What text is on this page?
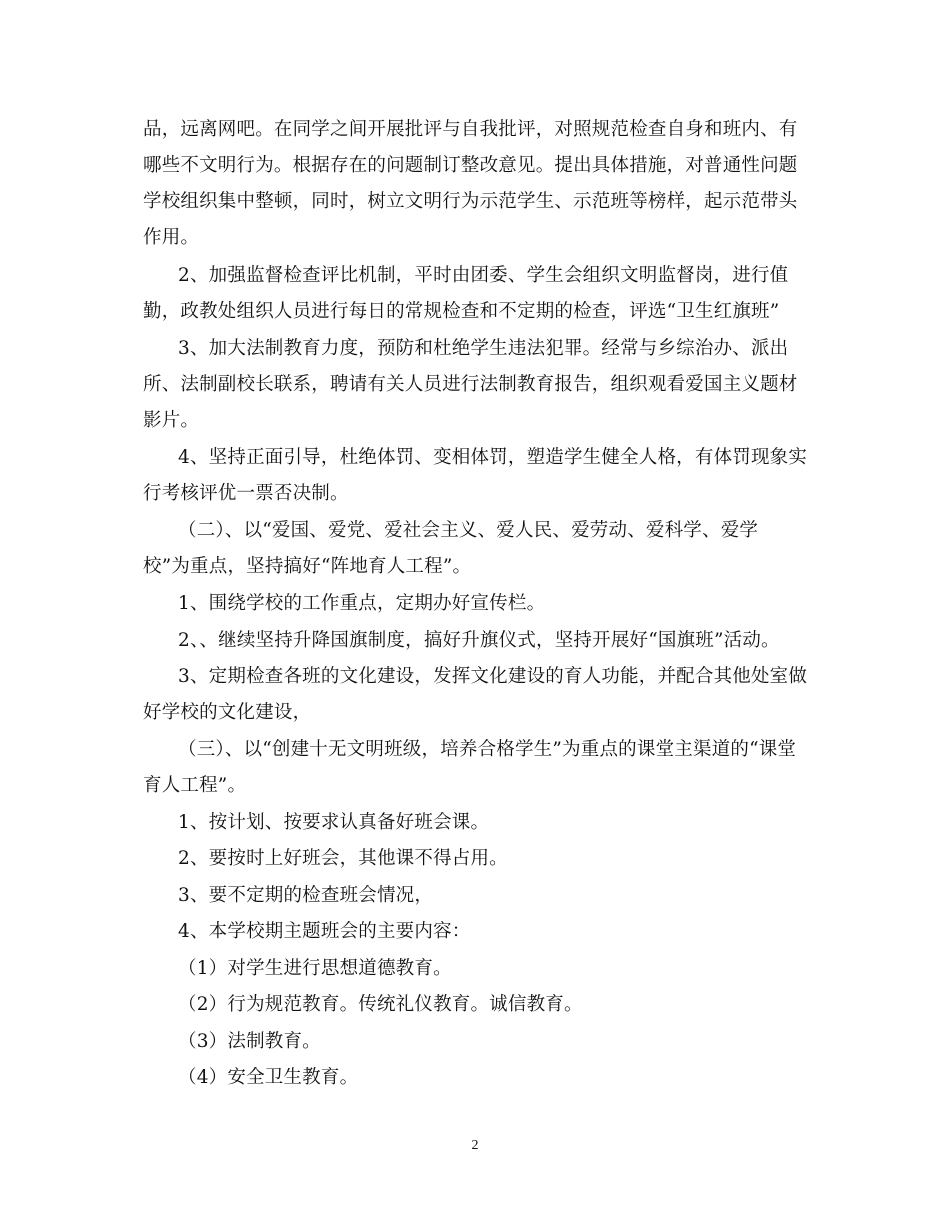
品，远离网吧。在同学之间开展批评与自我批评，对照规范检查自身和班内、有
哪些不文明行为。根据存在的问题制订整改意见。提出具体措施，对普通性问题
学校组织集中整顿，同时，树立文明行为示范学生、示范班等榜样，起示范带头
作用。
2、加强监督检查评比机制，平时由团委、学生会组织文明监督岗，进行值
勤，政教处组织人员进行每日的常规检查和不定期的检查，评选“卫生红旗班”
3、加大法制教育力度，预防和杜绝学生违法犯罪。经常与乡综治办、派出
所、法制副校长联系，聘请有关人员进行法制教育报告，组织观看爱国主义题材
影片。
4、坚持正面引导，杜绝体罚、变相体罚，塑造学生健全人格，有体罚现象实
行考核评优一票否决制。
（二）、以“爱国、爱党、爱社会主义、爱人民、爱劳动、爱科学、爱学
校”为重点，坚持搞好“阵地育人工程”。
1、围绕学校的工作重点，定期办好宣传栏。
2、、继续坚持升降国旗制度，搞好升旗仪式，坚持开展好“国旗班”活动。
3、定期检查各班的文化建设，发挥文化建设的育人功能，并配合其他处室做
好学校的文化建设，
（三）、以“创建十无文明班级，培养合格学生”为重点的课堂主渠道的“课堂
育人工程”。
1、按计划、按要求认真备好班会课。
2、要按时上好班会，其他课不得占用。
3、要不定期的检查班会情况，
4、本学校期主题班会的主要内容：
（1）对学生进行思想道德教育。
（2）行为规范教育。传统礼仪教育。诚信教育。
（3）法制教育。
（4）安全卫生教育。
2
